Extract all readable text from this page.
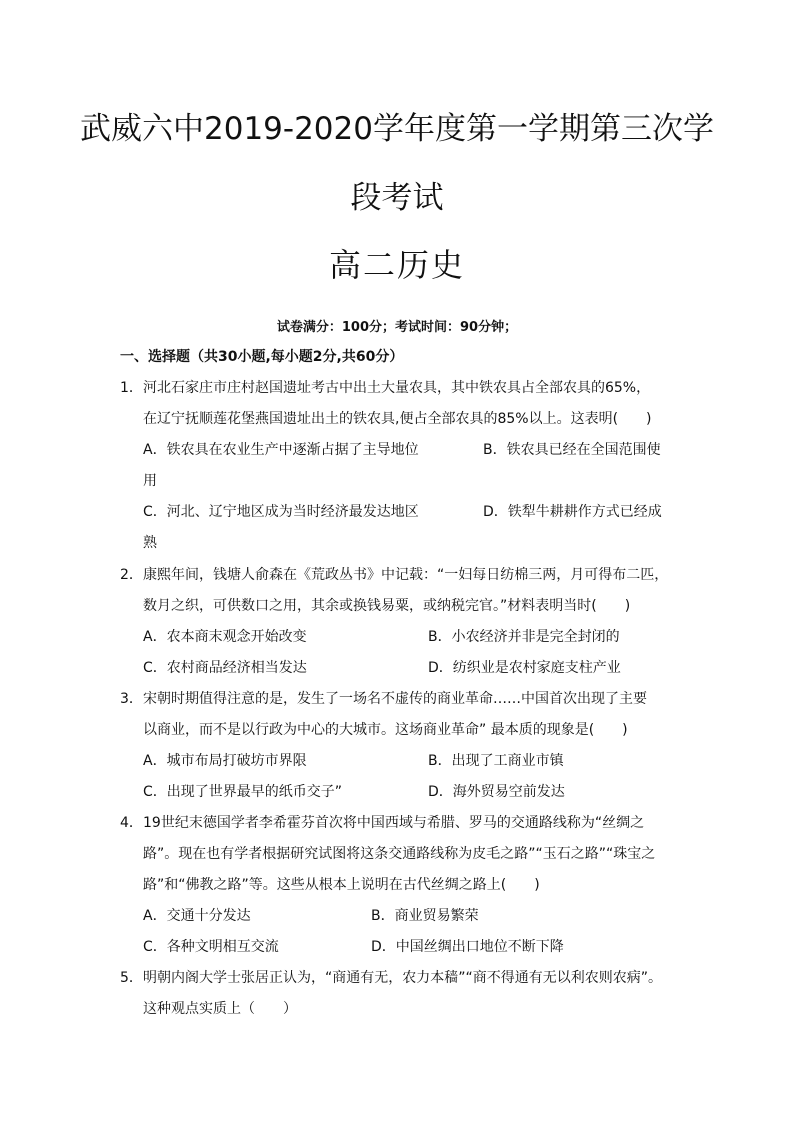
武威六中2019-2020学年度第一学期第三次学
段考试
高二历史
试卷满分：100分；考试时间：90分钟；
一、选择题（共30小题,每小题2分,共60分）
1．河北石家庄市庄村赵国遗址考古中出土大量农具，其中铁农具占全部农具的65%，
在辽宁抚顺莲花堡燕国遗址出土的铁农具,便占全部农具的85%以上。这表明(　　)
A．铁农具在农业生产中逐渐占据了主导地位	B．铁农具已经在全国范围使
用
C．河北、辽宁地区成为当时经济最发达地区	D．铁犁牛耕耕作方式已经成
熟
2．康熙年间，钱塘人俞森在《荒政丛书》中记载：“一妇每日纺棉三两，月可得布二匹，
数月之织，可供数口之用，其余或换钱易粟，或纳税完官。”材料表明当时(　　)
A．农本商末观念开始改变	B．小农经济并非是完全封闭的
C．农村商品经济相当发达	D．纺织业是农村家庭支柱产业
3．宋朝时期值得注意的是，发生了一场名不虚传的商业革命……中国首次出现了主要
以商业，而不是以行政为中心的大城市。这场商业革命” 最本质的现象是(　　)
A．城市布局打破坊市界限	B．出现了工商业市镇
C．出现了世界最早的纸币交子”	D．海外贸易空前发达
4．19世纪末德国学者李希霍芬首次将中国西域与希腊、罗马的交通路线称为“丝绸之
路”。现在也有学者根据研究试图将这条交通路线称为皮毛之路”“玉石之路”“珠宝之
路”和“佛教之路”等。这些从根本上说明在古代丝绸之路上(　　)
A．交通十分发达	B．商业贸易繁荣
C．各种文明相互交流	D．中国丝绸出口地位不断下降
5．明朝内阁大学士张居正认为，“商通有无，农力本穑”“商不得通有无以利农则农病”。
这种观点实质上（　　）
